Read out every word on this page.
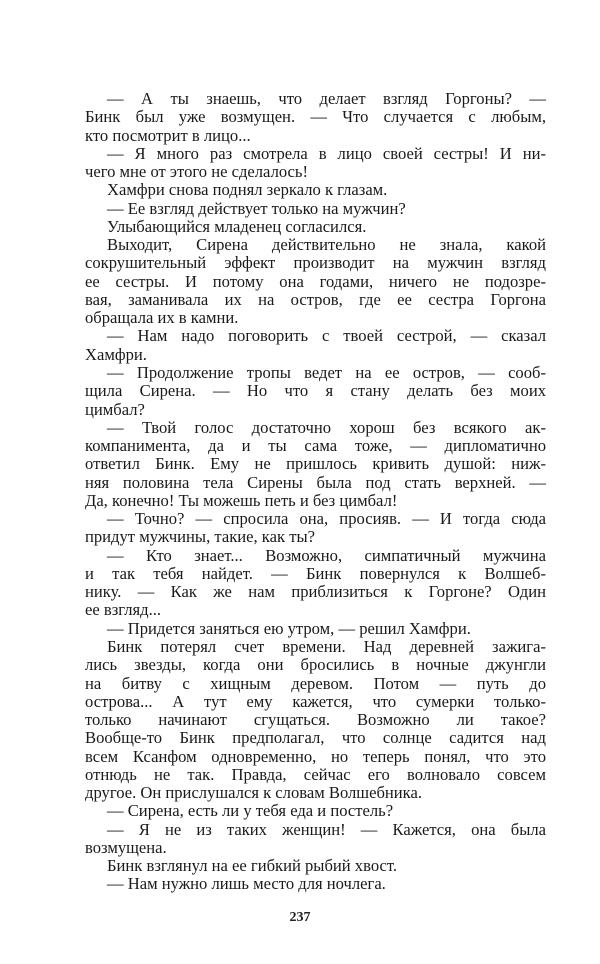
— А ты знаешь, что делает взгляд Горгоны? —
Бинк был уже возмущен. — Что случается с любым,
кто посмотрит в лицо...
— Я много раз смотрела в лицо своей сестры! И ни-
чего мне от этого не сделалось!
Хамфри снова поднял зеркало к глазам.
— Ее взгляд действует только на мужчин?
Улыбающийся младенец согласился.
Выходит, Сирена действительно не знала, какой
сокрушительный эффект производит на мужчин взгляд
ее сестры. И потому она годами, ничего не подозре-
вая, заманивала их на остров, где ее сестра Горгона
обращала их в камни.
— Нам надо поговорить с твоей сестрой, — сказал
Хамфри.
— Продолжение тропы ведет на ее остров, — сооб-
щила Сирена. — Но что я стану делать без моих
цимбал?
— Твой голос достаточно хорош без всякого ак-
компанимента, да и ты сама тоже, — дипломатично
ответил Бинк. Ему не пришлось кривить душой: ниж-
няя половина тела Сирены была под стать верхней. —
Да, конечно! Ты можешь петь и без цимбал!
— Точно? — спросила она, просияв. — И тогда сюда
придут мужчины, такие, как ты?
— Кто знает... Возможно, симпатичный мужчина
и так тебя найдет. — Бинк повернулся к Волшеб-
нику. — Как же нам приблизиться к Горгоне? Один
ее взгляд...
— Придется заняться ею утром, — решил Хамфри.
Бинк потерял счет времени. Над деревней зажига-
лись звезды, когда они бросились в ночные джунгли
на битву с хищным деревом. Потом — путь до
острова... А тут ему кажется, что сумерки только-
только начинают сгущаться. Возможно ли такое?
Вообще-то Бинк предполагал, что солнце садится над
всем Ксанфом одновременно, но теперь понял, что это
отнюдь не так. Правда, сейчас его волновало совсем
другое. Он прислушался к словам Волшебника.
— Сирена, есть ли у тебя еда и постель?
— Я не из таких женщин! — Кажется, она была
возмущена.
Бинк взглянул на ее гибкий рыбий хвост.
— Нам нужно лишь место для ночлега.
237
